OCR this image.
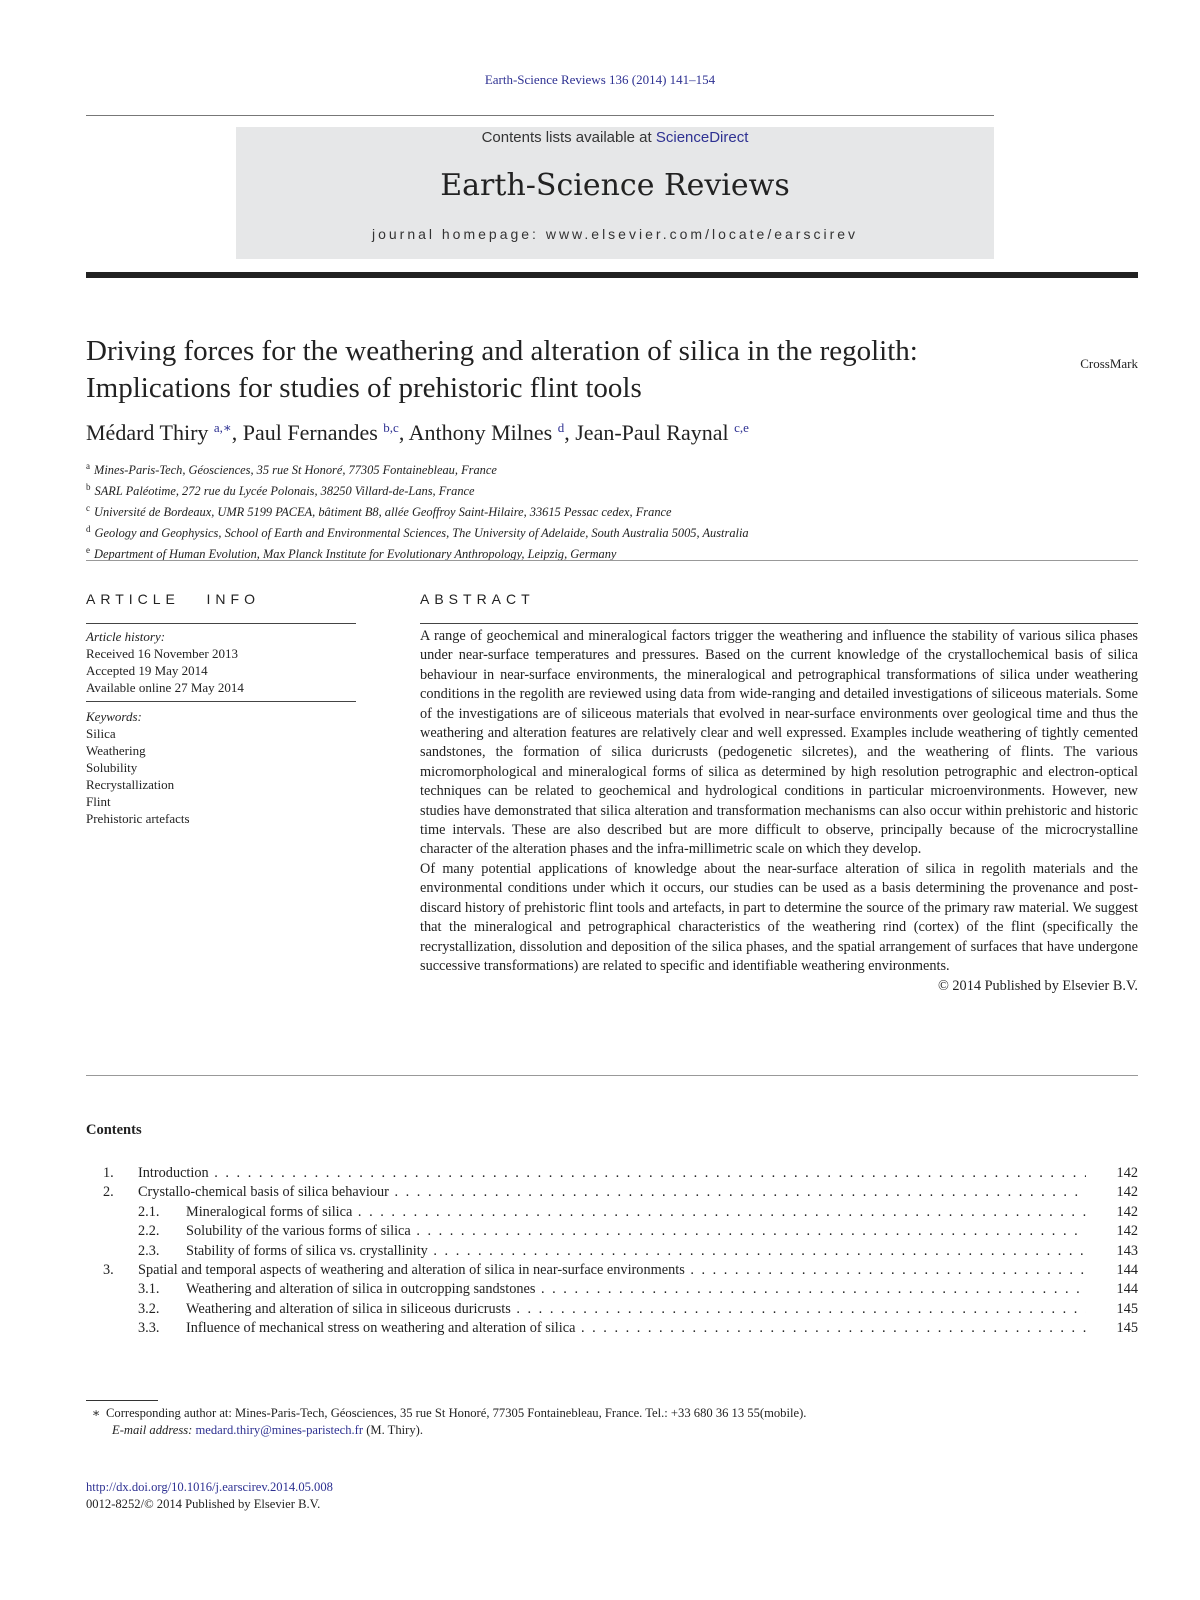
Earth-Science Reviews 136 (2014) 141–154
Contents lists available at ScienceDirect
Earth-Science Reviews
journal homepage: www.elsevier.com/locate/earscirev
Driving forces for the weathering and alteration of silica in the regolith: Implications for studies of prehistoric flint tools
CrossMark
Médard Thiry $^{a,∗}$, Paul Fernandes $^{b,c}$, Anthony Milnes $^d$, Jean-Paul Raynal $^{c,e}$
$^a$ Mines-Paris-Tech, Géosciences, 35 rue St Honoré, 77305 Fontainebleau, France
$^b$ SARL Paléotime, 272 rue du Lycée Polonais, 38250 Villard-de-Lans, France
$^c$ Université de Bordeaux, UMR 5199 PACEA, bâtiment B8, allée Geoffroy Saint-Hilaire, 33615 Pessac cedex, France
$^d$ Geology and Geophysics, School of Earth and Environmental Sciences, The University of Adelaide, South Australia 5005, Australia
$^e$ Department of Human Evolution, Max Planck Institute for Evolutionary Anthropology, Leipzig, Germany
ARTICLE   INFO
Article history:
Received 16 November 2013
Accepted 19 May 2014
Available online 27 May 2014
Keywords:
Silica
Weathering
Solubility
Recrystallization
Flint
Prehistoric artefacts
ABSTRACT

A range of geochemical and mineralogical factors trigger the weathering and influence the stability of various silica phases under near-surface temperatures and pressures. Based on the current knowledge of the crystallochemical basis of silica behaviour in near-surface environments, the mineralogical and petrographical transformations of silica under weathering conditions in the regolith are reviewed using data from wide-ranging and detailed investigations of siliceous materials. Some of the investigations are of siliceous materials that evolved in near-surface environments over geological time and thus the weathering and alteration features are relatively clear and well expressed. Examples include weathering of tightly cemented sandstones, the formation of silica duricrusts (pedogenetic silcretes), and the weathering of flints. The various micromorphological and mineralogical forms of silica as determined by high resolution petrographic and electron-optical techniques can be related to geochemical and hydrological conditions in particular microenvironments. However, new studies have demonstrated that silica alteration and transformation mechanisms can also occur within prehistoric and historic time intervals. These are also described but are more difficult to observe, principally because of the microcrystalline character of the alteration phases and the infra-millimetric scale on which they develop.

Of many potential applications of knowledge about the near-surface alteration of silica in regolith materials and the environmental conditions under which it occurs, our studies can be used as a basis determining the provenance and post-discard history of prehistoric flint tools and artefacts, in part to determine the source of the primary raw material. We suggest that the mineralogical and petrographical characteristics of the weathering rind (cortex) of the flint (specifically the recrystallization, dissolution and deposition of the silica phases, and the spatial arrangement of surfaces that have undergone successive transformations) are related to specific and identifiable weathering environments.

© 2014 Published by Elsevier B.V.
Contents
1. Introduction . . .	142
2. Crystallo-chemical basis of silica behaviour . . .	142
2.1. Mineralogical forms of silica . . .	142
2.2. Solubility of the various forms of silica . . .	142
2.3. Stability of forms of silica vs. crystallinity . . .	143
3. Spatial and temporal aspects of weathering and alteration of silica in near-surface environments . . .	144
3.1. Weathering and alteration of silica in outcropping sandstones . . .	144
3.2. Weathering and alteration of silica in siliceous duricrusts . . .	145
3.3. Influence of mechanical stress on weathering and alteration of silica . . .	145
∗ Corresponding author at: Mines-Paris-Tech, Géosciences, 35 rue St Honoré, 77305 Fontainebleau, France. Tel.: +33 680 36 13 55(mobile).
E-mail address: medard.thiry@mines-paristech.fr (M. Thiry).
http://dx.doi.org/10.1016/j.earscirev.2014.05.008
0012-8252/© 2014 Published by Elsevier B.V.
